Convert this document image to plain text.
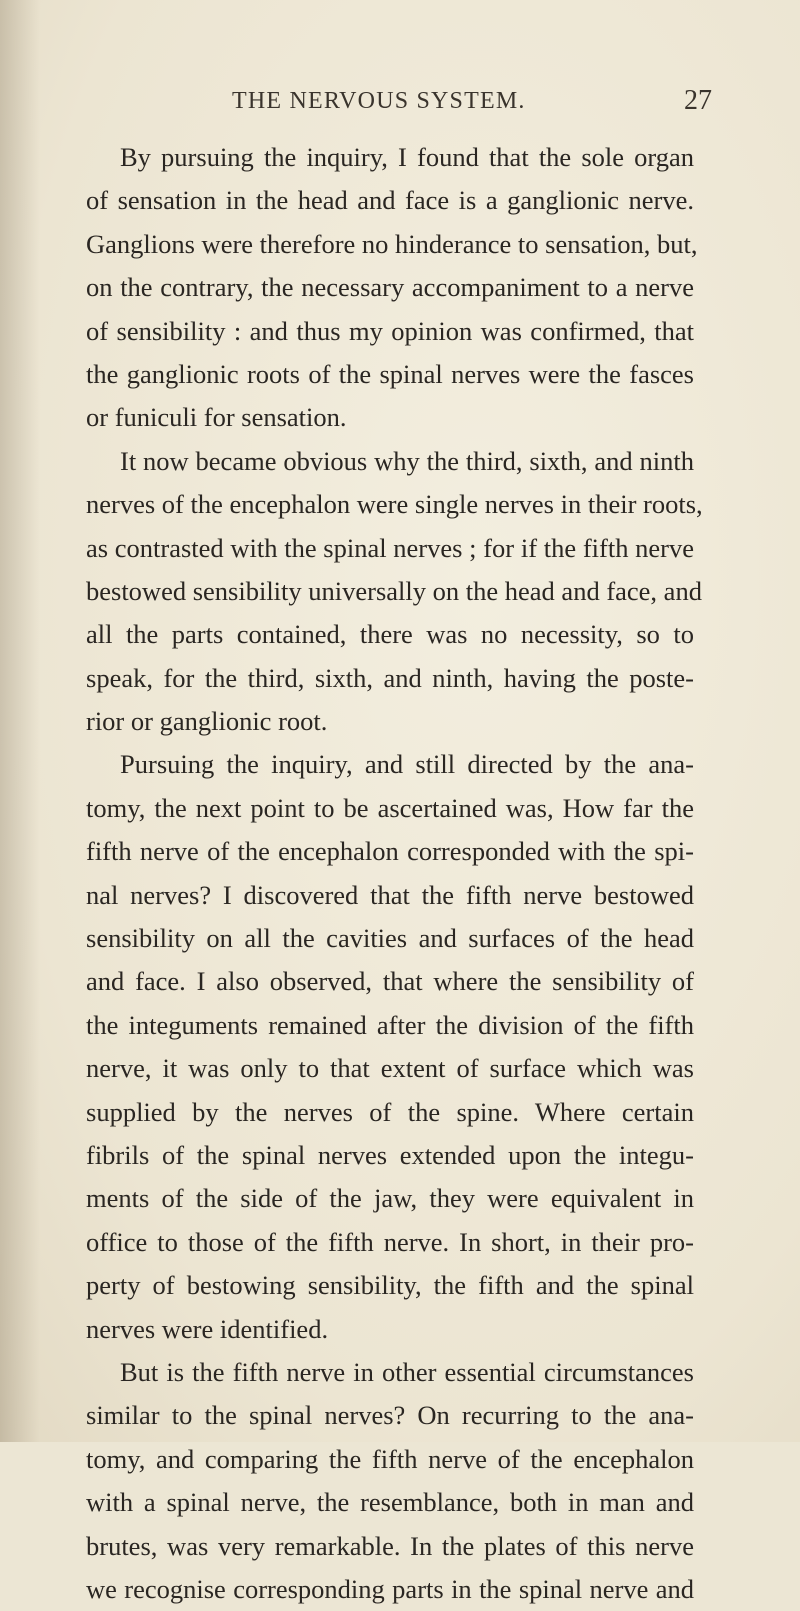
THE NERVOUS SYSTEM.	27
By pursuing the inquiry, I found that the sole organ
of sensation in the head and face is a ganglionic nerve.
Ganglions were therefore no hinderance to sensation, but,
on the contrary, the necessary accompaniment to a nerve
of sensibility : and thus my opinion was confirmed, that
the ganglionic roots of the spinal nerves were the fasces
or funiculi for sensation.
It now became obvious why the third, sixth, and ninth
nerves of the encephalon were single nerves in their roots,
as contrasted with the spinal nerves ; for if the fifth nerve
bestowed sensibility universally on the head and face, and
all the parts contained, there was no necessity, so to
speak, for the third, sixth, and ninth, having the poste-
rior or ganglionic root.
Pursuing the inquiry, and still directed by the ana-
tomy, the next point to be ascertained was, How far the
fifth nerve of the encephalon corresponded with the spi-
nal nerves? I discovered that the fifth nerve bestowed
sensibility on all the cavities and surfaces of the head
and face. I also observed, that where the sensibility of
the integuments remained after the division of the fifth
nerve, it was only to that extent of surface which was
supplied by the nerves of the spine. Where certain
fibrils of the spinal nerves extended upon the integu-
ments of the side of the jaw, they were equivalent in
office to those of the fifth nerve. In short, in their pro-
perty of bestowing sensibility, the fifth and the spinal
nerves were identified.
But is the fifth nerve in other essential circumstances
similar to the spinal nerves? On recurring to the ana-
tomy, and comparing the fifth nerve of the encephalon
with a spinal nerve, the resemblance, both in man and
brutes, was very remarkable. In the plates of this nerve
we recognise corresponding parts in the spinal nerve and
